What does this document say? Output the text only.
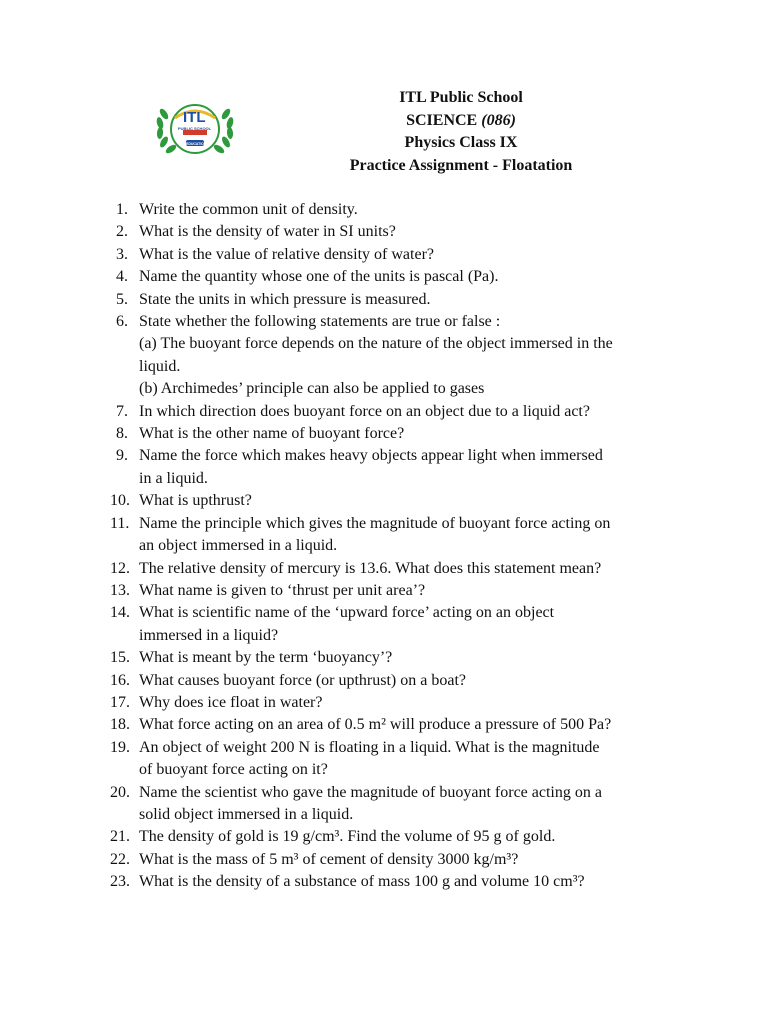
ITL
PUBLIC SCHOOL
DWARKA
EDUCATION
ITL Public School
SCIENCE (086)
Physics Class IX
Practice Assignment - Floatation
1. Write the common unit of density.
2. What is the density of water in SI units?
3. What is the value of relative density of water?
4. Name the quantity whose one of the units is pascal (Pa).
5. State the units in which pressure is measured.
6. State whether the following statements are true or false :
(a) The buoyant force depends on the nature of the object immersed in the
liquid.
(b) Archimedes’ principle can also be applied to gases
7. In which direction does buoyant force on an object due to a liquid act?
8. What is the other name of buoyant force?
9. Name the force which makes heavy objects appear light when immersed
in a liquid.
10. What is upthrust?
11. Name the principle which gives the magnitude of buoyant force acting on
an object immersed in a liquid.
12. The relative density of mercury is 13.6. What does this statement mean?
13. What name is given to ‘thrust per unit area’?
14. What is scientific name of the ‘upward force’ acting on an object
immersed in a liquid?
15. What is meant by the term ‘buoyancy’?
16. What causes buoyant force (or upthrust) on a boat?
17. Why does ice float in water?
18. What force acting on an area of 0.5 m² will produce a pressure of 500 Pa?
19. An object of weight 200 N is floating in a liquid. What is the magnitude
of buoyant force acting on it?
20. Name the scientist who gave the magnitude of buoyant force acting on a
solid object immersed in a liquid.
21. The density of gold is 19 g/cm³. Find the volume of 95 g of gold.
22. What is the mass of 5 m³ of cement of density 3000 kg/m³?
23. What is the density of a substance of mass 100 g and volume 10 cm³?
